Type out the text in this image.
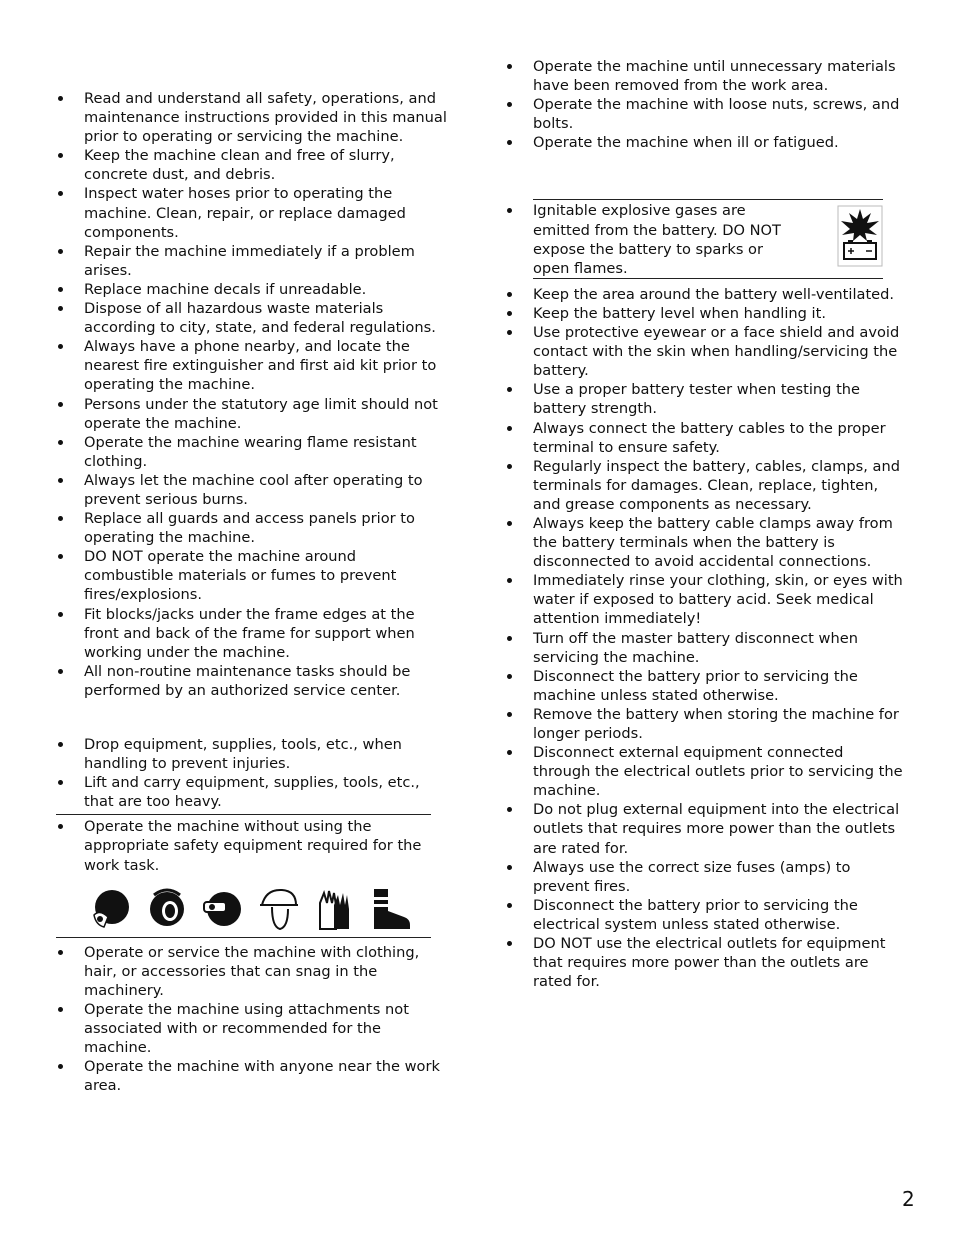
Read and understand all safety, operations, and maintenance instructions provided in this manual prior to operating or servicing the machine.
Keep the machine clean and free of slurry, concrete dust, and debris.
Inspect water hoses prior to operating the machine. Clean, repair, or replace damaged components.
Repair the machine immediately if a problem arises.
Replace machine decals if unreadable.
Dispose of all hazardous waste materials according to city, state, and federal regulations.
Always have a phone nearby, and locate the nearest fire extinguisher and first aid kit prior to operating the machine.
Persons under the statutory age limit should not operate the machine.
Operate the machine wearing flame resistant clothing.
Always let the machine cool after operating to prevent serious burns.
Replace all guards and access panels prior to operating the machine.
DO NOT operate the machine around combustible materials or fumes to prevent fires/explosions.
Fit blocks/jacks under the frame edges at the front and back of the frame for support when working under the machine.
All non-routine maintenance tasks should be performed by an authorized service center.
Drop equipment, supplies, tools, etc., when handling to prevent injuries.
Lift and carry equipment, supplies, tools, etc., that are too heavy.
Operate the machine without using the appropriate safety equipment required for the work task.
Operate or service the machine with clothing, hair, or accessories that can snag in the machinery.
Operate the machine using attachments not associated with or recommended for the machine.
Operate the machine with anyone near the work area.
Operate the machine until unnecessary materials have been removed from the work area.
Operate the machine with loose nuts, screws, and bolts.
Operate the machine when ill or fatigued.
Ignitable explosive gases are emitted from the battery. DO NOT expose the battery to sparks or open flames.
Keep the area around the battery well-ventilated.
Keep the battery level when handling it.
Use protective eyewear or a face shield and avoid contact with the skin when handling/servicing the battery.
Use a proper battery tester when testing the battery strength.
Always connect the battery cables to the proper terminal to ensure safety.
Regularly inspect the battery, cables, clamps, and terminals for damages. Clean, replace, tighten, and grease components as necessary.
Always keep the battery cable clamps away from the battery terminals when the battery is disconnected to avoid accidental connections.
Immediately rinse your clothing, skin, or eyes with water if exposed to battery acid. Seek medical attention immediately!
Turn off the master battery disconnect when servicing the machine.
Disconnect the battery prior to servicing the machine unless stated otherwise.
Remove the battery when storing the machine for longer periods.
Disconnect external equipment connected through the electrical outlets prior to servicing the machine.
Do not plug external equipment into the electrical outlets that requires more power than the outlets are rated for.
Always use the correct size fuses (amps) to prevent fires.
Disconnect the battery prior to servicing the electrical system unless stated otherwise.
DO NOT use the electrical outlets for equipment that requires more power than the outlets are rated for.
2
